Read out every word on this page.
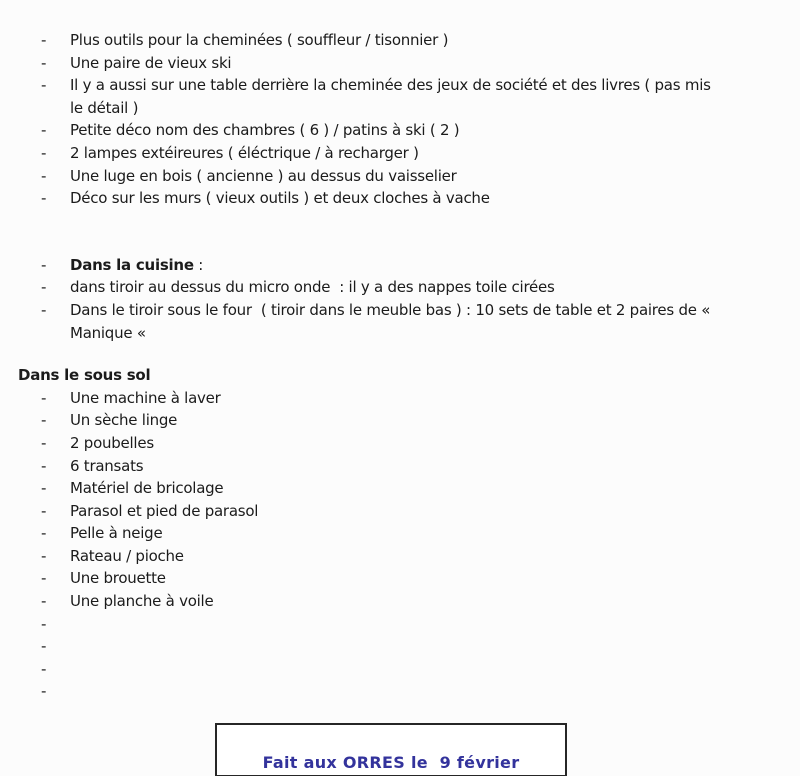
-	Plus outils pour la cheminées ( souffleur / tisonnier )
-	Une paire de vieux ski
-	Il y a aussi sur une table derrière la cheminée des jeux de société et des livres ( pas mis
le détail )
-	Petite déco nom des chambres ( 6 ) / patins à ski ( 2 )
-	2 lampes extéireures ( éléctrique / à recharger )
-	Une luge en bois ( ancienne ) au dessus du vaisselier
-	Déco sur les murs ( vieux outils ) et deux cloches à vache
-	Dans la cuisine :
-	dans tiroir au dessus du micro onde  : il y a des nappes toile cirées
-	Dans le tiroir sous le four  ( tiroir dans le meuble bas ) : 10 sets de table et 2 paires de «
Manique «
Dans le sous sol
-	Une machine à laver
-	Un sèche linge
-	2 poubelles
-	6 transats
-	Matériel de bricolage
-	Parasol et pied de parasol
-	Pelle à neige
-	Rateau / pioche
-	Une brouette
-	Une planche à voile
-
-
-
-
Fait aux ORRES le  9 février
